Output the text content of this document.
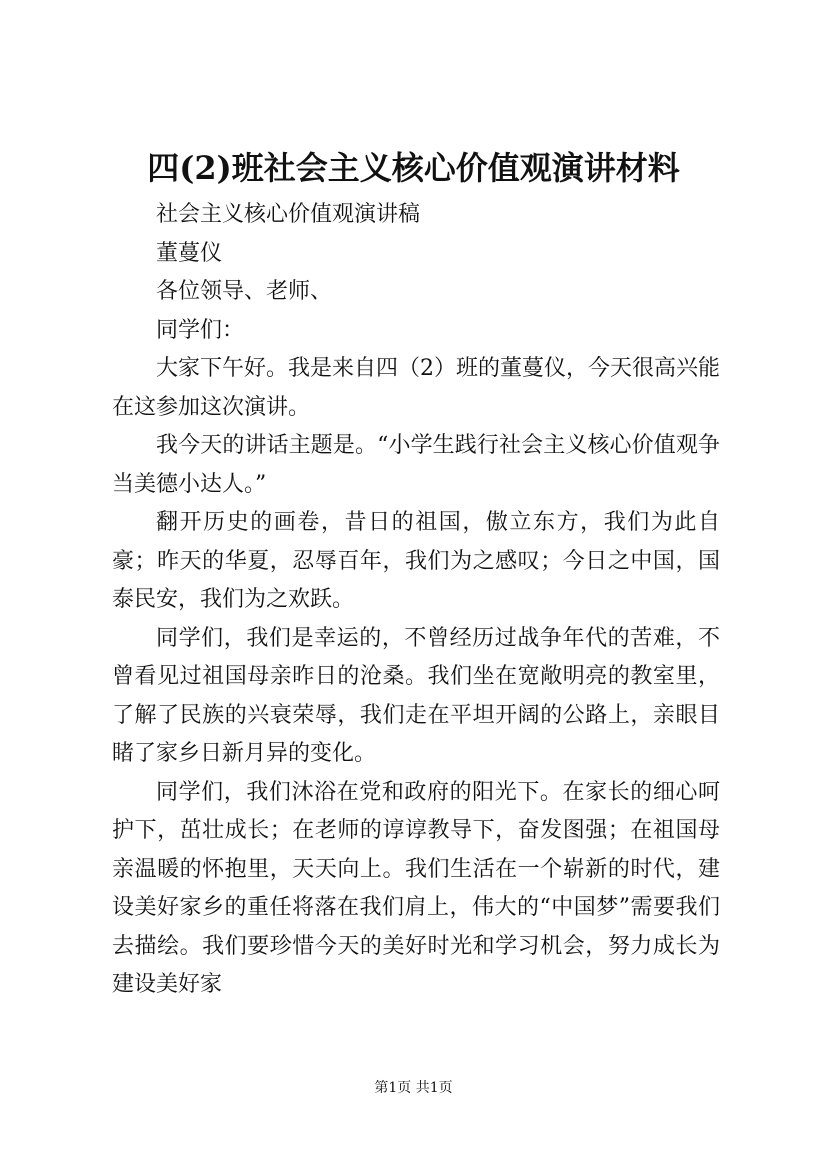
四(2)班社会主义核心价值观演讲材料

社会主义核心价值观演讲稿

董蔓仪

各位领导、老师、

同学们：

大家下午好。我是来自四（2）班的董蔓仪，今天很高兴能在这参加这次演讲。

我今天的讲话主题是。“小学生践行社会主义核心价值观争当美德小达人。”

翻开历史的画卷，昔日的祖国，傲立东方，我们为此自豪；昨天的华夏，忍辱百年，我们为之感叹；今日之中国，国泰民安，我们为之欢跃。

同学们，我们是幸运的，不曾经历过战争年代的苦难，不曾看见过祖国母亲昨日的沧桑。我们坐在宽敞明亮的教室里，了解了民族的兴衰荣辱，我们走在平坦开阔的公路上，亲眼目睹了家乡日新月异的变化。

同学们，我们沐浴在党和政府的阳光下。在家长的细心呵护下，茁壮成长；在老师的谆谆教导下，奋发图强；在祖国母亲温暖的怀抱里，天天向上。我们生活在一个崭新的时代，建设美好家乡的重任将落在我们肩上，伟大的“中国梦”需要我们去描绘。我们要珍惜今天的美好时光和学习机会，努力成长为建设美好家

第1页 共1页
